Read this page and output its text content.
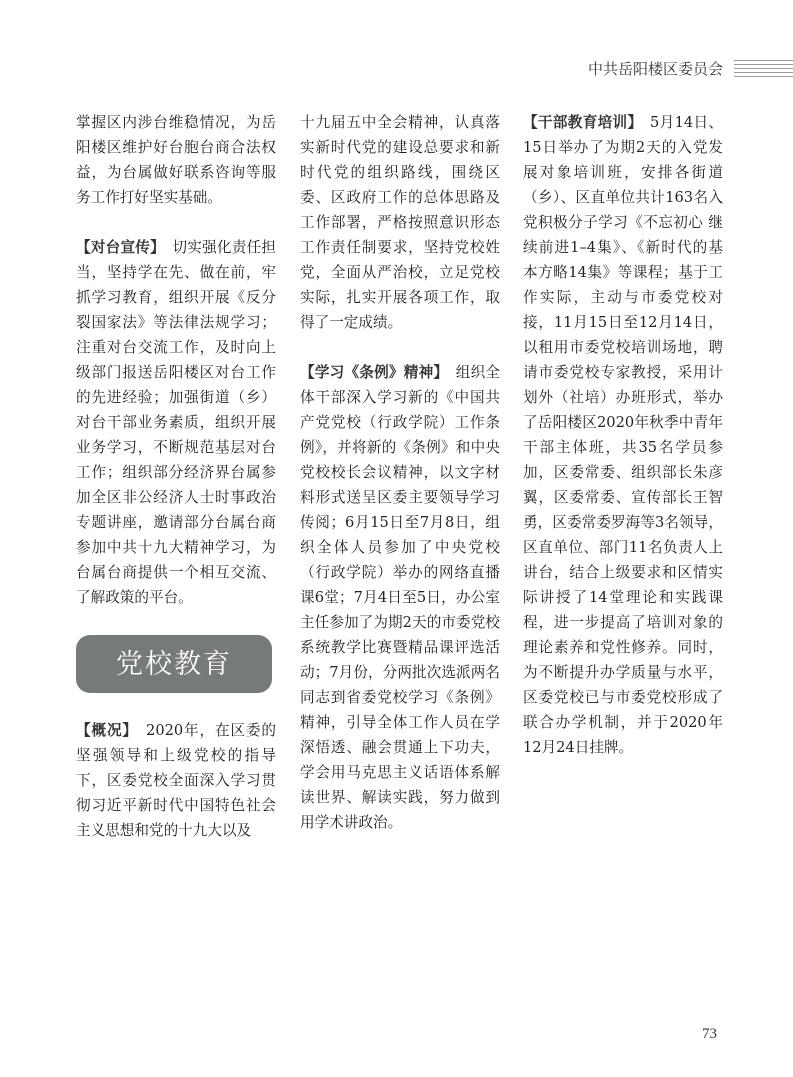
中共岳阳楼区委员会

掌握区内涉台维稳情况，为岳阳楼区维护好台胞台商合法权益，为台属做好联系咨询等服务工作打好坚实基础。

【对台宣传】　切实强化责任担当，坚持学在先、做在前，牢抓学习教育，组织开展《反分裂国家法》等法律法规学习；注重对台交流工作，及时向上级部门报送岳阳楼区对台工作的先进经验；加强街道（乡）对台干部业务素质，组织开展业务学习，不断规范基层对台工作；组织部分经济界台属参加全区非公经济人士时事政治专题讲座，邀请部分台属台商参加中共十九大精神学习，为台属台商提供一个相互交流、了解政策的平台。

党校教育

【概况】　2020年，在区委的坚强领导和上级党校的指导下，区委党校全面深入学习贯彻习近平新时代中国特色社会主义思想和党的十九大以及

十九届五中全会精神，认真落实新时代党的建设总要求和新时代党的组织路线，围绕区委、区政府工作的总体思路及工作部署，严格按照意识形态工作责任制要求，坚持党校姓党，全面从严治校，立足党校实际，扎实开展各项工作，取得了一定成绩。

【学习《条例》精神】　组织全体干部深入学习新的《中国共产党党校（行政学院）工作条例》，并将新的《条例》和中央党校校长会议精神，以文字材料形式送呈区委主要领导学习传阅；6月15日至7月8日，组织全体人员参加了中央党校（行政学院）举办的网络直播课6堂；7月4日至5日，办公室主任参加了为期2天的市委党校系统教学比赛暨精品课评选活动；7月份，分两批次选派两名同志到省委党校学习《条例》精神，引导全体工作人员在学深悟透、融会贯通上下功夫，学会用马克思主义话语体系解读世界、解读实践，努力做到用学术讲政治。

【干部教育培训】　5月14日、15日举办了为期2天的入党发展对象培训班，安排各街道（乡）、区直单位共计163名入党积极分子学习《不忘初心 继续前进1–4集》、《新时代的基本方略14集》等课程；基于工作实际，主动与市委党校对接，11月15日至12月14日，以租用市委党校培训场地，聘请市委党校专家教授，采用计划外（社培）办班形式，举办了岳阳楼区2020年秋季中青年干部主体班，共35名学员参加，区委常委、组织部长朱彦翼，区委常委、宣传部长王智勇，区委常委罗海等3名领导，区直单位、部门11名负责人上讲台，结合上级要求和区情实际讲授了14堂理论和实践课程，进一步提高了培训对象的理论素养和党性修养。同时，为不断提升办学质量与水平，区委党校已与市委党校形成了联合办学机制，并于2020年12月24日挂牌。

73
